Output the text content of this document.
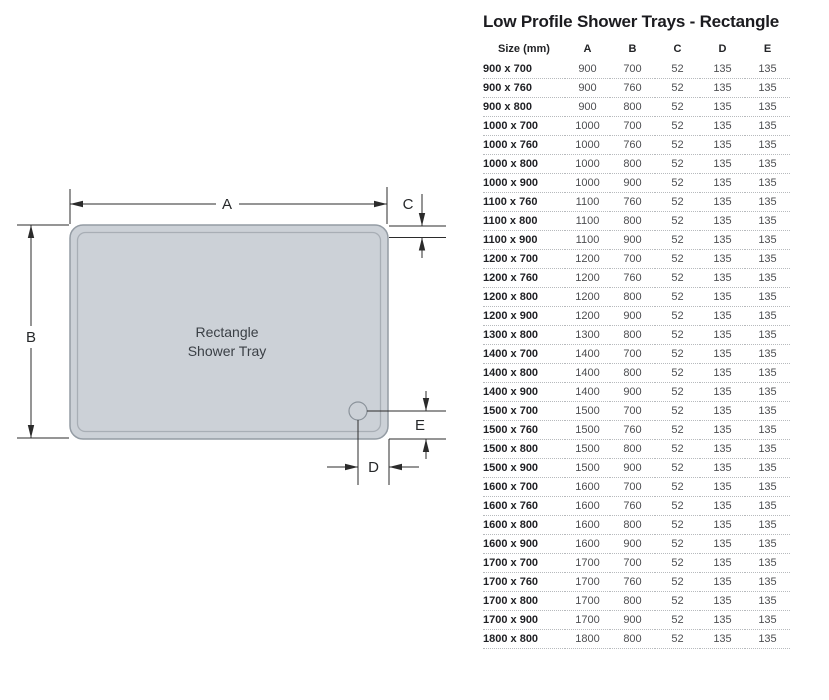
Rectangle
Shower Tray
A
B
C
E
D
Low Profile Shower Trays - Rectangle
Size (mm)	A	B	C	D	E
900 x 700	900	700	52	135	135
900 x 760	900	760	52	135	135
900 x 800	900	800	52	135	135
1000 x 700	1000	700	52	135	135
1000 x 760	1000	760	52	135	135
1000 x 800	1000	800	52	135	135
1000 x 900	1000	900	52	135	135
1100 x 760	1100	760	52	135	135
1100 x 800	1100	800	52	135	135
1100 x 900	1100	900	52	135	135
1200 x 700	1200	700	52	135	135
1200 x 760	1200	760	52	135	135
1200 x 800	1200	800	52	135	135
1200 x 900	1200	900	52	135	135
1300 x 800	1300	800	52	135	135
1400 x 700	1400	700	52	135	135
1400 x 800	1400	800	52	135	135
1400 x 900	1400	900	52	135	135
1500 x 700	1500	700	52	135	135
1500 x 760	1500	760	52	135	135
1500 x 800	1500	800	52	135	135
1500 x 900	1500	900	52	135	135
1600 x 700	1600	700	52	135	135
1600 x 760	1600	760	52	135	135
1600 x 800	1600	800	52	135	135
1600 x 900	1600	900	52	135	135
1700 x 700	1700	700	52	135	135
1700 x 760	1700	760	52	135	135
1700 x 800	1700	800	52	135	135
1700 x 900	1700	900	52	135	135
1800 x 800	1800	800	52	135	135
